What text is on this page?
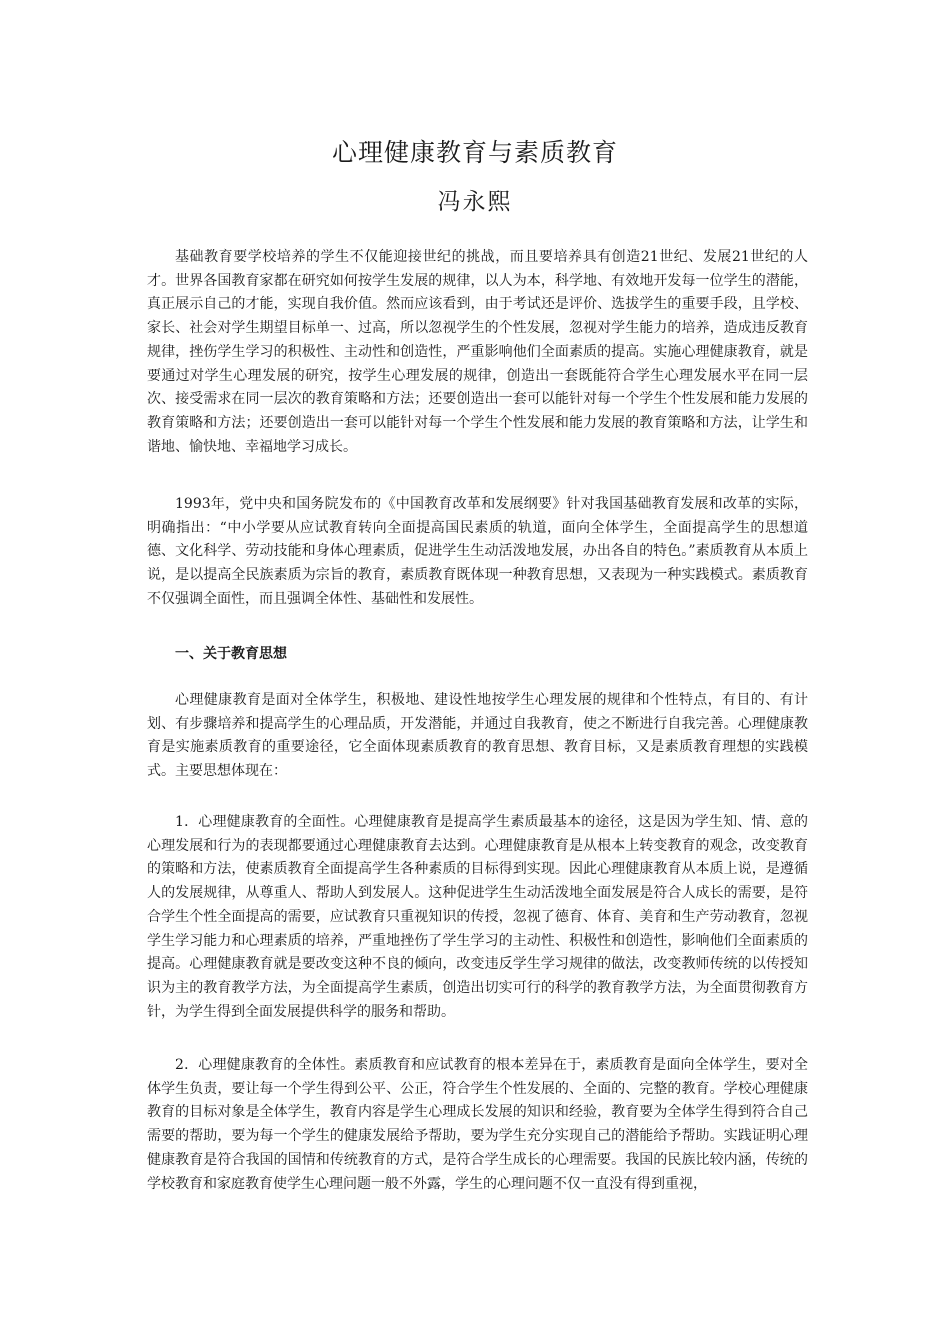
心理健康教育与素质教育
冯永熙

基础教育要学校培养的学生不仅能迎接世纪的挑战，而且要培养具有创造21世纪、发展21世纪的人才。世界各国教育家都在研究如何按学生发展的规律，以人为本，科学地、有效地开发每一位学生的潜能，真正展示自己的才能，实现自我价值。然而应该看到，由于考试还是评价、选拔学生的重要手段，且学校、家长、社会对学生期望目标单一、过高，所以忽视学生的个性发展，忽视对学生能力的培养，造成违反教育规律，挫伤学生学习的积极性、主动性和创造性，严重影响他们全面素质的提高。实施心理健康教育，就是要通过对学生心理发展的研究，按学生心理发展的规律，创造出一套既能符合学生心理发展水平在同一层次、接受需求在同一层次的教育策略和方法；还要创造出一套可以能针对每一个学生个性发展和能力发展的教育策略和方法；还要创造出一套可以能针对每一个学生个性发展和能力发展的教育策略和方法，让学生和谐地、愉快地、幸福地学习成长。

1993年，党中央和国务院发布的《中国教育改革和发展纲要》针对我国基础教育发展和改革的实际，明确指出：“中小学要从应试教育转向全面提高国民素质的轨道，面向全体学生，全面提高学生的思想道德、文化科学、劳动技能和身体心理素质，促进学生生动活泼地发展，办出各自的特色。”素质教育从本质上说，是以提高全民族素质为宗旨的教育，素质教育既体现一种教育思想，又表现为一种实践模式。素质教育不仅强调全面性，而且强调全体性、基础性和发展性。

一、关于教育思想

心理健康教育是面对全体学生，积极地、建设性地按学生心理发展的规律和个性特点，有目的、有计划、有步骤培养和提高学生的心理品质，开发潜能，并通过自我教育，使之不断进行自我完善。心理健康教育是实施素质教育的重要途径，它全面体现素质教育的教育思想、教育目标，又是素质教育理想的实践模式。主要思想体现在：

1．心理健康教育的全面性。心理健康教育是提高学生素质最基本的途径，这是因为学生知、情、意的心理发展和行为的表现都要通过心理健康教育去达到。心理健康教育是从根本上转变教育的观念，改变教育的策略和方法，使素质教育全面提高学生各种素质的目标得到实现。因此心理健康教育从本质上说，是遵循人的发展规律，从尊重人、帮助人到发展人。这种促进学生生动活泼地全面发展是符合人成长的需要，是符合学生个性全面提高的需要，应试教育只重视知识的传授，忽视了德育、体育、美育和生产劳动教育，忽视学生学习能力和心理素质的培养，严重地挫伤了学生学习的主动性、积极性和创造性，影响他们全面素质的提高。心理健康教育就是要改变这种不良的倾向，改变违反学生学习规律的做法，改变教师传统的以传授知识为主的教育教学方法，为全面提高学生素质，创造出切实可行的科学的教育教学方法，为全面贯彻教育方针，为学生得到全面发展提供科学的服务和帮助。

2．心理健康教育的全体性。素质教育和应试教育的根本差异在于，素质教育是面向全体学生，要对全体学生负责，要让每一个学生得到公平、公正，符合学生个性发展的、全面的、完整的教育。学校心理健康教育的目标对象是全体学生，教育内容是学生心理成长发展的知识和经验，教育要为全体学生得到符合自己需要的帮助，要为每一个学生的健康发展给予帮助，要为学生充分实现自己的潜能给予帮助。实践证明心理健康教育是符合我国的国情和传统教育的方式，是符合学生成长的心理需要。我国的民族比较内涵，传统的学校教育和家庭教育使学生心理问题一般不外露，学生的心理问题不仅一直没有得到重视，
